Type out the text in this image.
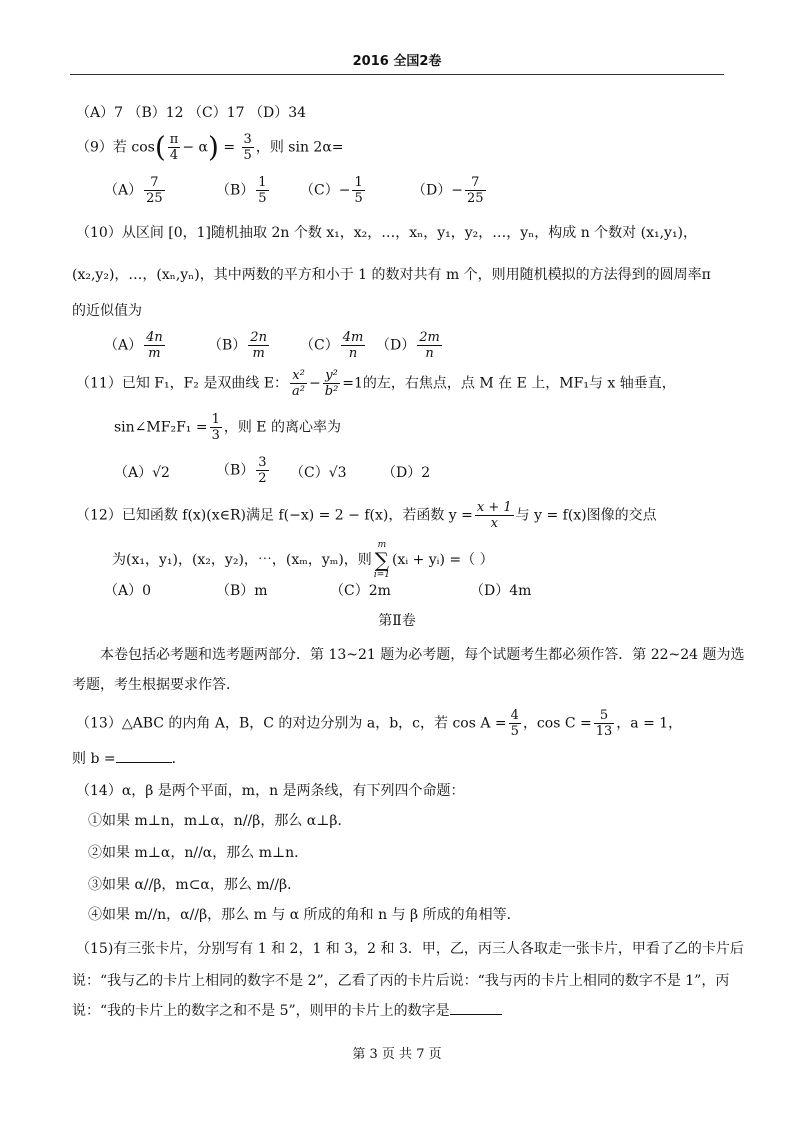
2016 全国2卷
（A）7 （B）12 （C）17 （D）34
（9）若 $\cos( \frac{\pi}{4} - \alpha) = \frac{3}{5}$ ，则 sin 2α=
$(A) \frac{7}{25}$	$(B) \frac{1}{5} (C)- \frac{1}{5}$	$(D)- \frac{7}{25}$
（10）从区间 [0，1]随机抽取 2n 个数 x₁，x₂，…，xₙ，y₁，y₂，…，yₙ，构成 n 个数对 (x₁,y₁)，
(x₂,y₂)，…，(xₙ,yₙ)，其中两数的平方和小于 1 的数对共有 m 个，则用随机模拟的方法得到的圆周率π
的近似值为
$(A) \frac{4n}{m}$	$(B) \frac{2n}{m} (C) \frac{4m}{n} (D) \frac{2m}{n}$
（11）已知 F₁，F₂ 是双曲线 E： $\frac{\text{x²}}{\text{a²}} - \frac{\text{y²}}{\text{b²}} =1$的左，右焦点，点 M 在 E 上，MF₁与 x 轴垂直，
sin∠MF₂F₁ = $\frac{1}{3}$ ，则 E 的离心率为
（A）√2	$(B) \frac{3}{2} (C)√3$	（D）2
（12）已知函数 f(x)(x∈R)满足 f(−x) = 2 − f(x)，若函数 $y = \frac{x + 1}{x}$ 与 y = f(x)图像的交点
为(x₁，y₁)，(x₂，y₂)，⋯，(xₘ，yₘ)，则
m
∑
i=1
(xᵢ + yᵢ) =（ ）
（A）0	（B）m	（C）2m	（D）4m
第Ⅱ卷
本卷包括必考题和选考题两部分．第 13~21 题为必考题，每个试题考生都必须作答．第 22~24 题为选
考题，考生根据要求作答．
（13）△ABC 的内角 A，B，C 的对边分别为 a，b，c，若 $\cos A = \frac{4}{5}$ ，$\cos C = \frac{5}{13}$ ，a = 1，
则 b =	．
（14）α，β 是两个平面，m，n 是两条线，有下列四个命题：
①如果 m⊥n，m⊥α，n//β，那么 α⊥β．
②如果 m⊥α，n//α，那么 m⊥n．
③如果 α//β，m⊂α，那么 m//β．
④如果 m//n，α//β，那么 m 与 α 所成的角和 n 与 β 所成的角相等．
（15)有三张卡片，分别写有 1 和 2，1 和 3，2 和 3．甲，乙，丙三人各取走一张卡片，甲看了乙的卡片后
说：“我与乙的卡片上相同的数字不是 2”，乙看了丙的卡片后说：“我与丙的卡片上相同的数字不是 1”，丙
说：“我的卡片上的数字之和不是 5”，则甲的卡片上的数字是
第 3 页 共 7 页
